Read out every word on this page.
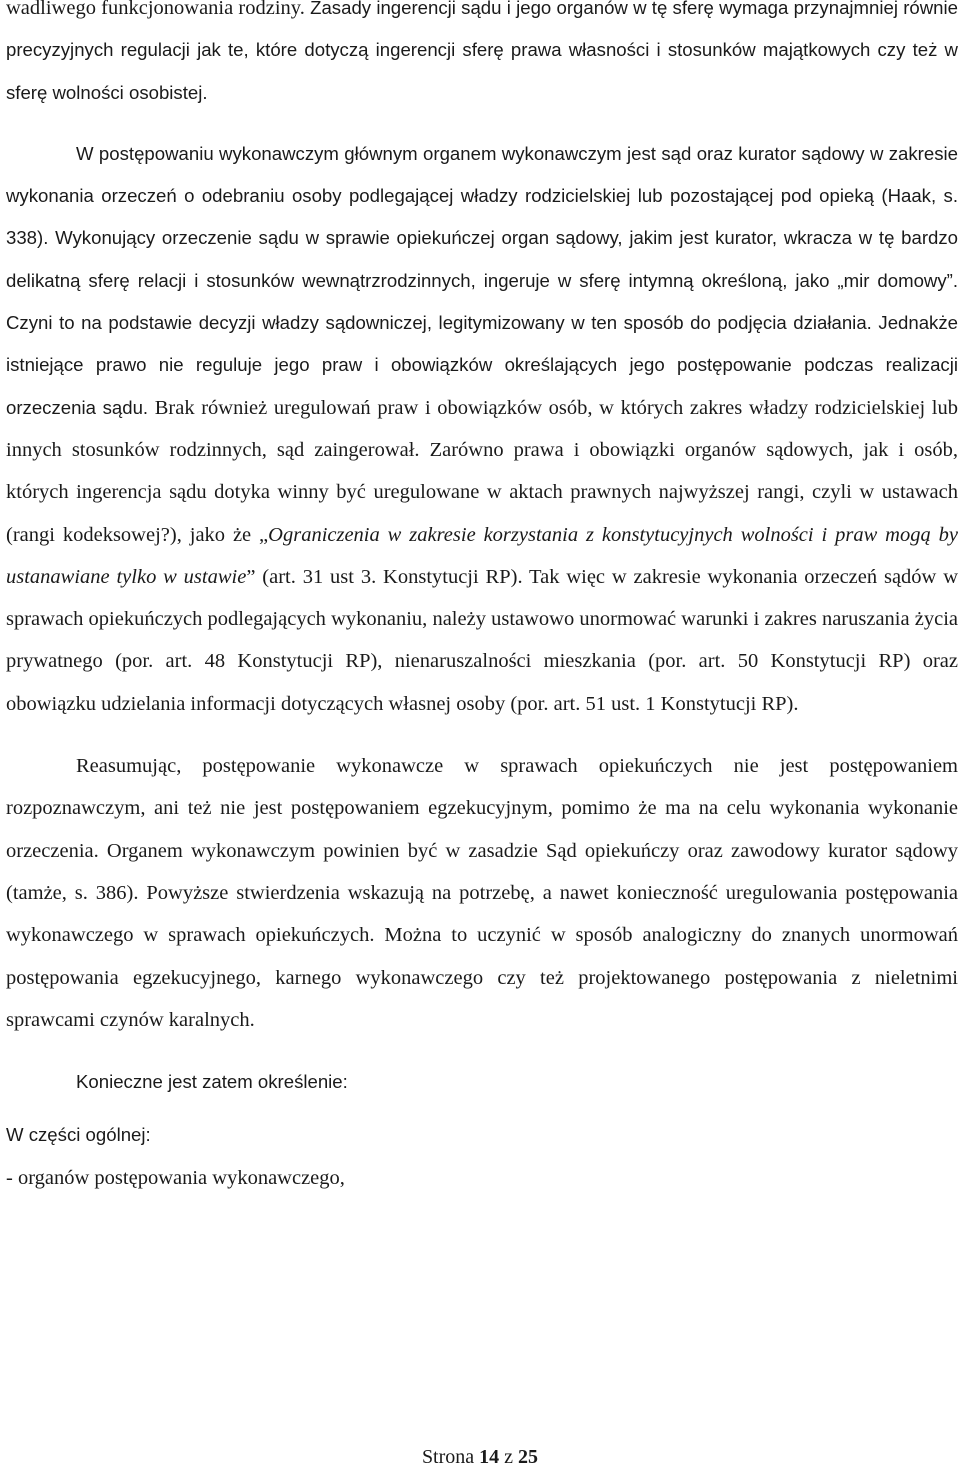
wadliwego funkcjonowania rodziny. Zasady ingerencji sądu i jego organów w tę sferę wymaga przynajmniej równie precyzyjnych regulacji jak te, które dotyczą ingerencji sferę prawa własności i stosunków majątkowych czy też w sferę wolności osobistej.

W postępowaniu wykonawczym głównym organem wykonawczym jest sąd oraz kurator sądowy w zakresie wykonania orzeczeń o odebraniu osoby podlegającej władzy rodzicielskiej lub pozostającej pod opieką (Haak, s. 338). Wykonujący orzeczenie sądu w sprawie opiekuńczej organ sądowy, jakim jest kurator, wkracza w tę bardzo delikatną sferę relacji i stosunków wewnątrzrodzinnych, ingeruje w sferę intymną określoną, jako „mir domowy”. Czyni to na podstawie decyzji władzy sądowniczej, legitymizowany w ten sposób do podjęcia działania. Jednakże istniejące prawo nie reguluje jego praw i obowiązków określających jego postępowanie podczas realizacji orzeczenia sądu. Brak również uregulowań praw i obowiązków osób, w których zakres władzy rodzicielskiej lub innych stosunków rodzinnych, sąd zaingerował. Zarówno prawa i obowiązki organów sądowych, jak i osób, których ingerencja sądu dotyka winny być uregulowane w aktach prawnych najwyższej rangi, czyli w ustawach (rangi kodeksowej?), jako że „Ograniczenia w zakresie korzystania z konstytucyjnych wolności i praw mogą by ustanawiane tylko w ustawie” (art. 31 ust 3. Konstytucji RP). Tak więc w zakresie wykonania orzeczeń sądów w sprawach opiekuńczych podlegających wykonaniu, należy ustawowo unormować warunki i zakres naruszania życia prywatnego (por. art. 48 Konstytucji RP), nienaruszalności mieszkania (por. art. 50 Konstytucji RP) oraz obowiązku udzielania informacji dotyczących własnej osoby (por. art. 51 ust. 1 Konstytucji RP).

Reasumując, postępowanie wykonawcze w sprawach opiekuńczych nie jest postępowaniem rozpoznawczym, ani też nie jest postępowaniem egzekucyjnym, pomimo że ma na celu wykonania wykonanie orzeczenia. Organem wykonawczym powinien być w zasadzie Sąd opiekuńczy oraz zawodowy kurator sądowy (tamże, s. 386). Powyższe stwierdzenia wskazują na potrzebę, a nawet konieczność uregulowania postępowania wykonawczego w sprawach opiekuńczych. Można to uczynić w sposób analogiczny do znanych unormowań postępowania egzekucyjnego, karnego wykonawczego czy też projektowanego postępowania z nieletnimi sprawcami czynów karalnych.

Konieczne jest zatem określenie:

W części ogólnej:

- organów postępowania wykonawczego,

Strona 14 z 25
